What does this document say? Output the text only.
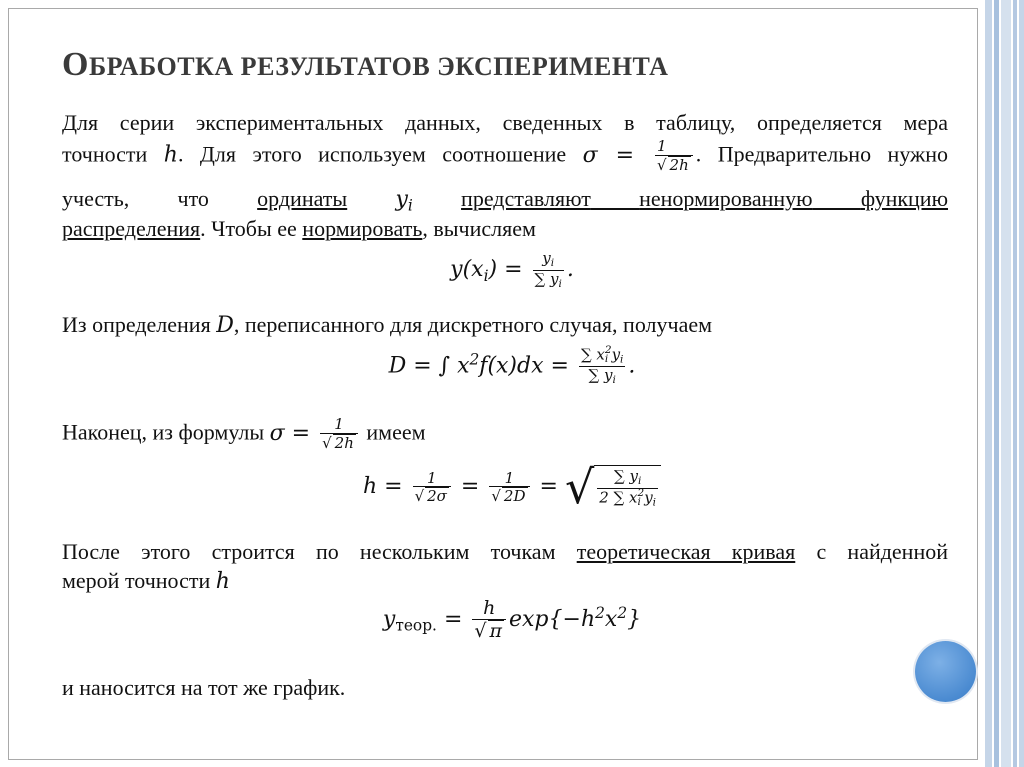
ОБРАБОТКА РЕЗУЛЬТАТОВ ЭКСПЕРИМЕНТА

Для серии экспериментальных данных, сведенных в таблицу, определяется мера

точности h. Для этого используем соотношение $\sigma = \frac{1}{√ 2h}$ . Предварительно нужно

учесть, что ординаты $y_i$ представляют ненормированную функцию

распределения. Чтобы ее нормировать, вычисляем

$y(x_i) = \frac{y_i}{\sum y_i}$ .

Из определения D, переписанного для дискретного случая, получаем

D = ∫ $x^2f(x)dx$ = ∑ x 2
i $y_i$
∑ $y_i$
.

Наконец, из формулы $\sigma = \frac{1}{√ 2h}$ имеем

$h = \frac{1}{√ 2\sigma} = \frac{1}{√ 2D}$ = √	∑ $y_i$
2 ∑ x 2
i $y_i$

После этого строится по нескольким точкам теоретическая кривая с найденной

мерой точности h

$y_{теор.} = \frac{h}{√ \pi} \exp\{-h^2x^2\}$

и наносится на тот же график.
